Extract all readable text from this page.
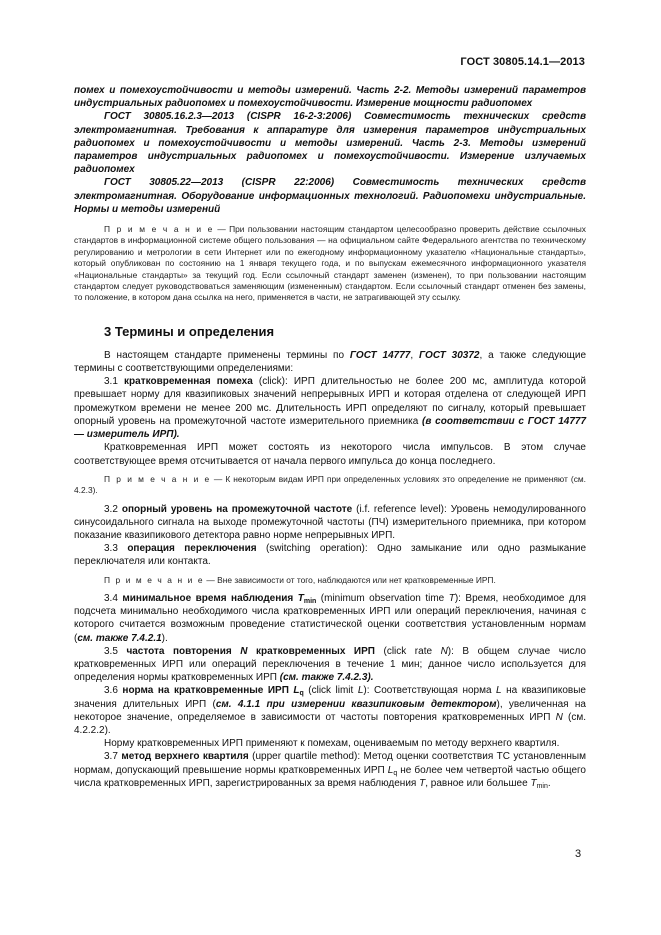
ГОСТ 30805.14.1—2013

помех и помехоустойчивости и методы измерений. Часть 2-2. Методы измерений параметров индустриальных радиопомех и помехоустойчивости. Измерение мощности радиопомех

ГОСТ 30805.16.2.3—2013 (CISPR 16-2-3:2006) Совместимость технических средств электромагнитная. Требования к аппаратуре для измерения параметров индустриальных радиопомех и помехоустойчивости и методы измерений. Часть 2-3. Методы измерений параметров индустриальных радиопомех и помехоустойчивости. Измерение излучаемых радиопомех

ГОСТ 30805.22—2013 (CISPR 22:2006) Совместимость технических средств электромагнитная. Оборудование информационных технологий. Радиопомехи индустриальные. Нормы и методы измерений

П р и м е ч а н и е — При пользовании настоящим стандартом целесообразно проверить действие ссылочных стандартов в информационной системе общего пользования — на официальном сайте Федерального агентства по техническому регулированию и метрологии в сети Интернет или по ежегодному информационному указателю «Национальные стандарты», который опубликован по состоянию на 1 января текущего года, и по выпускам ежемесячного информационного указателя «Национальные стандарты» за текущий год. Если ссылочный стандарт заменен (изменен), то при пользовании настоящим стандартом следует руководствоваться заменяющим (измененным) стандартом. Если ссылочный стандарт отменен без замены, то положение, в котором дана ссылка на него, применяется в части, не затрагивающей эту ссылку.

3 Термины и определения

В настоящем стандарте применены термины по ГОСТ 14777, ГОСТ 30372, а также следующие термины с соответствующими определениями:

3.1 кратковременная помеха (click): ИРП длительностью не более 200 мс, амплитуда которой превышает норму для квазипиковых значений непрерывных ИРП и которая отделена от следующей ИРП промежутком времени не менее 200 мс. Длительность ИРП определяют по сигналу, который превышает опорный уровень на промежуточной частоте измерительного приемника (в соответствии с ГОСТ 14777 — измеритель ИРП).

Кратковременная ИРП может состоять из некоторого числа импульсов. В этом случае соответствующее время отсчитывается от начала первого импульса до конца последнего.

П р и м е ч а н и е — К некоторым видам ИРП при определенных условиях это определение не применяют (см. 4.2.3).

3.2 опорный уровень на промежуточной частоте (i.f. reference level): Уровень немодулированного синусоидального сигнала на выходе промежуточной частоты (ПЧ) измерительного приемника, при котором показание квазипикового детектора равно норме непрерывных ИРП.

3.3 операция переключения (switching operation): Одно замыкание или одно размыкание переключателя или контакта.

П р и м е ч а н и е — Вне зависимости от того, наблюдаются или нет кратковременные ИРП.

3.4 минимальное время наблюдения $T_{min}$ (minimum observation time T): Время, необходимое для подсчета минимально необходимого числа кратковременных ИРП или операций переключения, начиная с которого считается возможным проведение статистической оценки соответствия установленным нормам (см. также 7.4.2.1).

3.5 частота повторения N кратковременных ИРП (click rate N): В общем случае число кратковременных ИРП или операций переключения в течение 1 мин; данное число используется для определения нормы кратковременных ИРП (см. также 7.4.2.3).

3.6 норма на кратковременные ИРП $L_q$ (click limit L): Соответствующая норма L на квазипиковые значения длительных ИРП (см. 4.1.1 при измерении квазипиковым детектором), увеличенная на некоторое значение, определяемое в зависимости от частоты повторения кратковременных ИРП N (см. 4.2.2.2).

Норму кратковременных ИРП применяют к помехам, оцениваемым по методу верхнего квартиля.

3.7 метод верхнего квартиля (upper quartile method): Метод оценки соответствия ТС установленным нормам, допускающий превышение нормы кратковременных ИРП $L_q$ не более чем четвертой частью общего числа кратковременных ИРП, зарегистрированных за время наблюдения T, равное или большее $T_{min}$.

3
